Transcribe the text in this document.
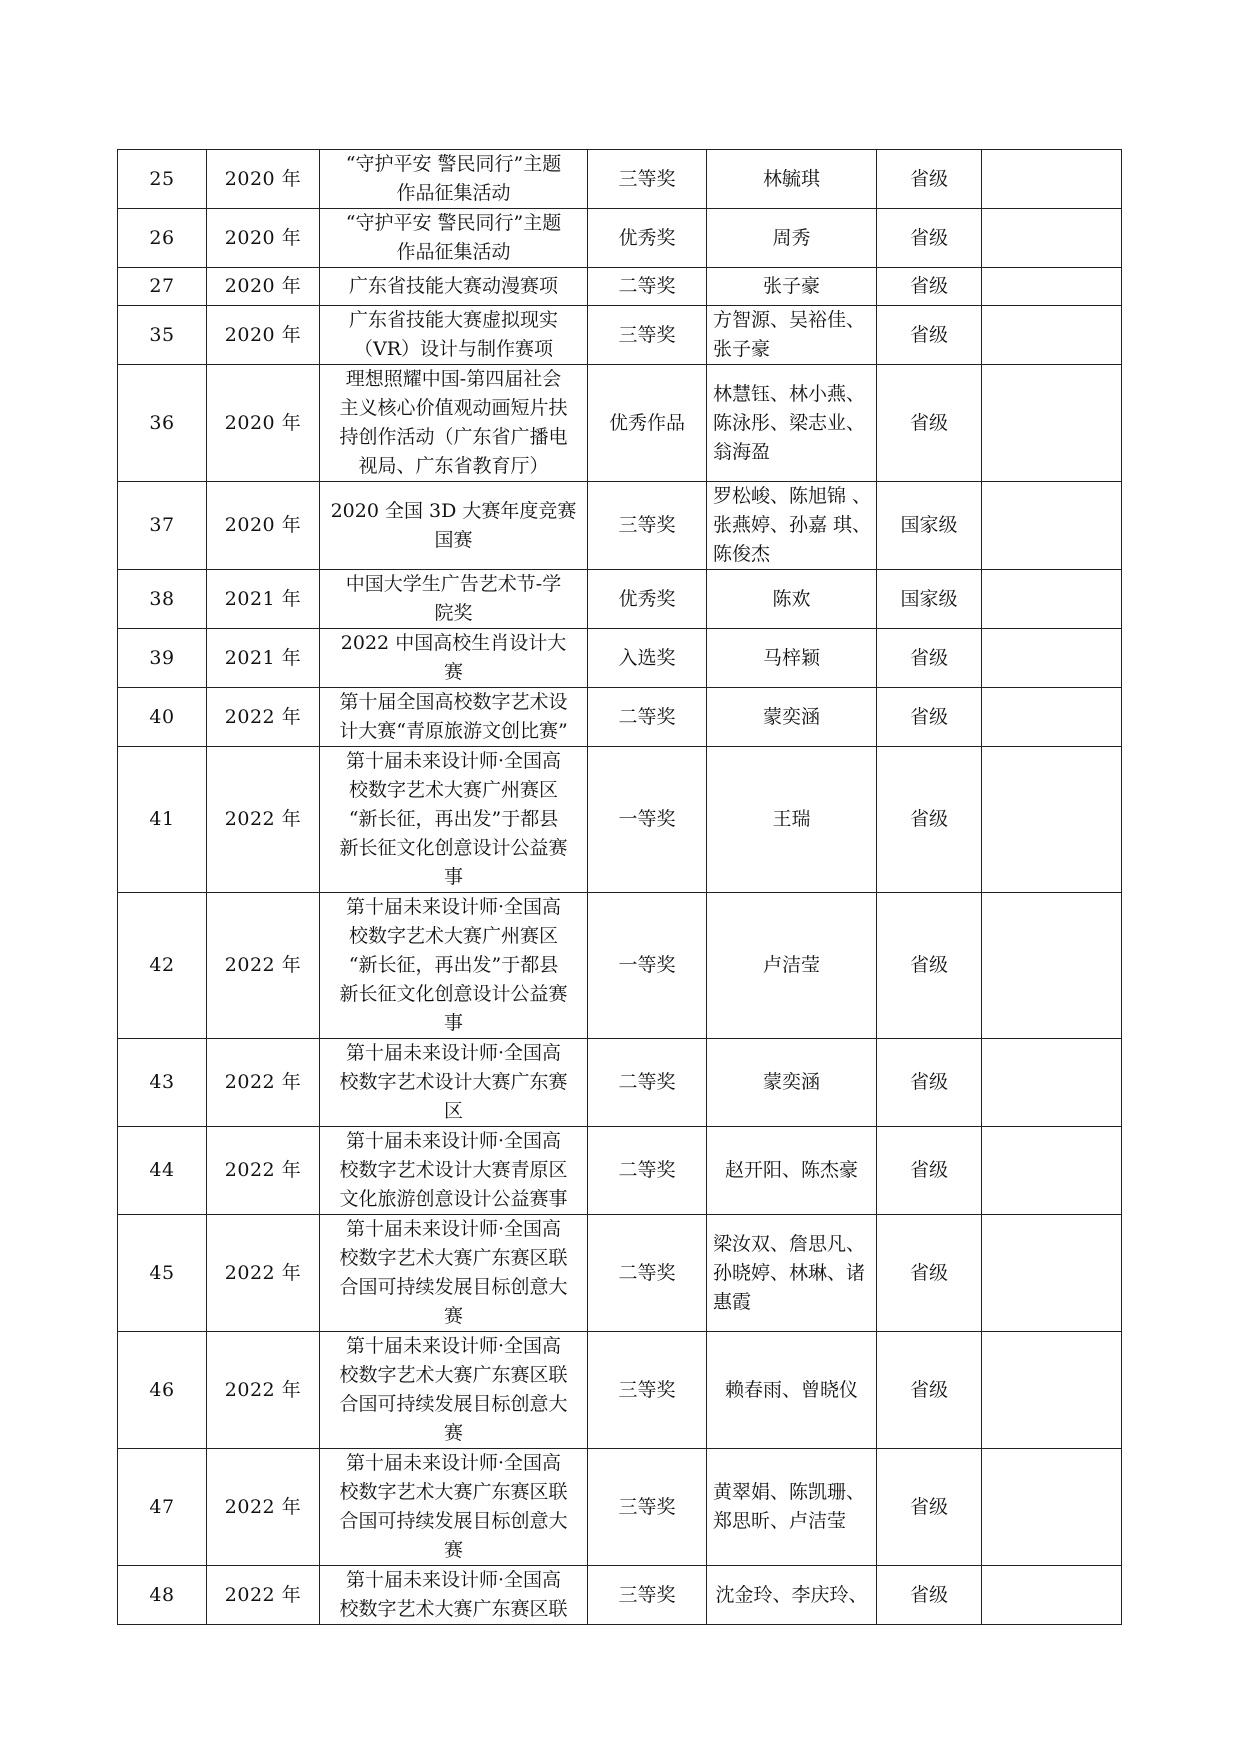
25	2020 年	“守护平安 警民同行”主题
作品征集活动	三等奖	林毓琪	省级	
26	2020 年	“守护平安 警民同行”主题
作品征集活动	优秀奖	周秀	省级	
27	2020 年	广东省技能大赛动漫赛项	二等奖	张子豪	省级	
35	2020 年	广东省技能大赛虚拟现实
（VR）设计与制作赛项	三等奖	方智源、吴裕佳、 张子豪	省级	
36	2020 年	理想照耀中国-第四届社会
主义核心价值观动画短片扶
持创作活动（广东省广播电
视局、广东省教育厅）	优秀作品	林慧钰、林小燕、 陈泳彤、梁志业、 翁海盈	省级	
37	2020 年	2020 全国 3D 大赛年度竞赛
国赛	三等奖	罗松峻、陈旭锦 、张燕婷、孙嘉 琪、陈俊杰	国家级	
38	2021 年	中国大学生广告艺术节-学
院奖	优秀奖	陈欢	国家级	
39	2021 年	2022 中国高校生肖设计大
赛	入选奖	马梓颖	省级	
40	2022 年	第十届全国高校数字艺术设
计大赛“青原旅游文创比赛”	二等奖	蒙奕涵	省级	
41	2022 年	第十届未来设计师·全国高
校数字艺术大赛广州赛区
“新长征，再出发”于都县
新长征文化创意设计公益赛
事	一等奖	王瑞	省级	
42	2022 年	第十届未来设计师·全国高
校数字艺术大赛广州赛区
“新长征，再出发”于都县
新长征文化创意设计公益赛
事	一等奖	卢洁莹	省级	
43	2022 年	第十届未来设计师·全国高
校数字艺术设计大赛广东赛
区	二等奖	蒙奕涵	省级	
44	2022 年	第十届未来设计师·全国高
校数字艺术设计大赛青原区
文化旅游创意设计公益赛事	二等奖	赵开阳、陈杰豪	省级	
45	2022 年	第十届未来设计师·全国高
校数字艺术大赛广东赛区联
合国可持续发展目标创意大
赛	二等奖	梁汝双、詹思凡、 孙晓婷、林琳、诸 惠霞	省级	
46	2022 年	第十届未来设计师·全国高
校数字艺术大赛广东赛区联
合国可持续发展目标创意大
赛	三等奖	赖春雨、曾晓仪	省级	
47	2022 年	第十届未来设计师·全国高
校数字艺术大赛广东赛区联
合国可持续发展目标创意大
赛	三等奖	黄翠娟、陈凯珊、 郑思昕、卢洁莹	省级	
48	2022 年	第十届未来设计师·全国高
校数字艺术大赛广东赛区联	三等奖	沈金玲、李庆玲、	省级	
